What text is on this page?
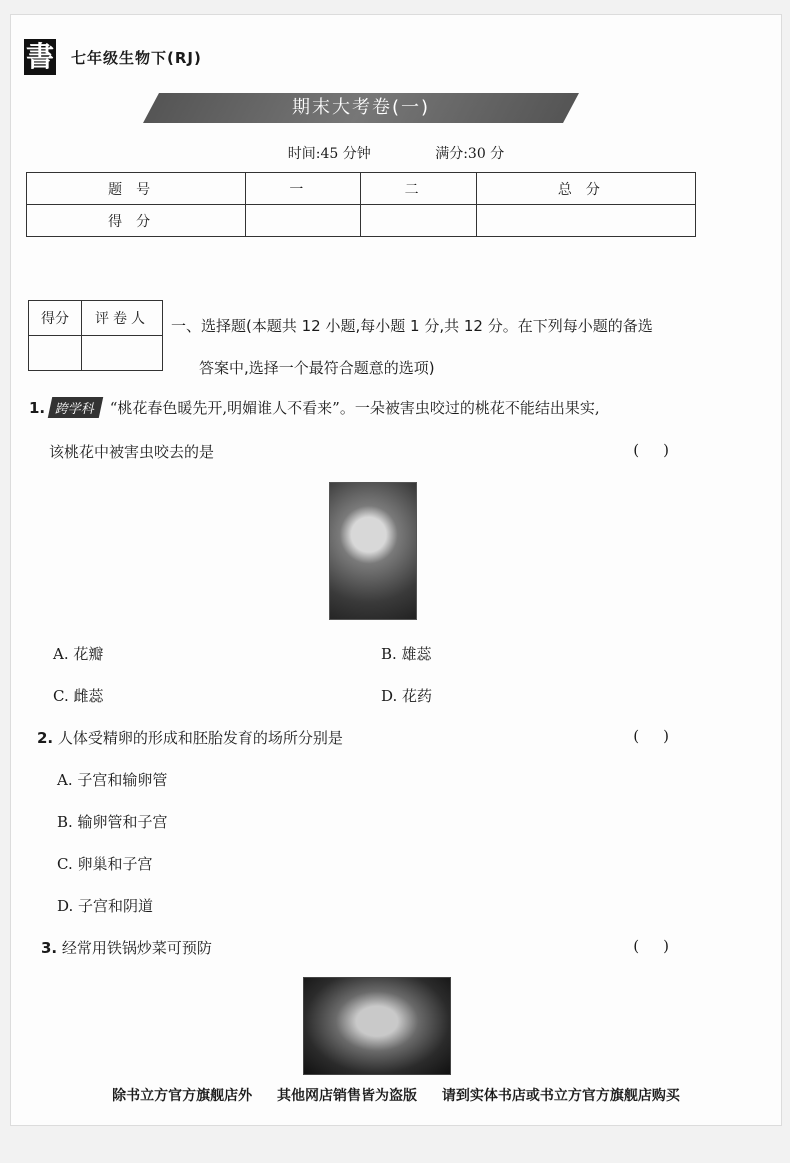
書 七年级生物下(RJ)
期末大考卷(一)
时间:45 分钟	满分:30 分
题号	一	二	总分
得分			
得分	评卷人
	一、选择题(本题共 12 小题,每小题 1 分,共 12 分。在下列每小题的备选
答案中,选择一个最符合题意的选项)
1. 跨学科 “桃花春色暖先开,明媚谁人不看来”。一朵被害虫咬过的桃花不能结出果实,
该桃花中被害虫咬去的是	()
A. 花瓣	B. 雄蕊
C. 雌蕊	D. 花药
2. 人体受精卵的形成和胚胎发育的场所分别是	()
A. 子宫和输卵管
B. 输卵管和子宫
C. 卵巢和子宫
D. 子宫和阴道
3. 经常用铁锅炒菜可预防	()
除书立方官方旗舰店外 其他网店销售皆为盗版 请到实体书店或书立方官方旗舰店购买
